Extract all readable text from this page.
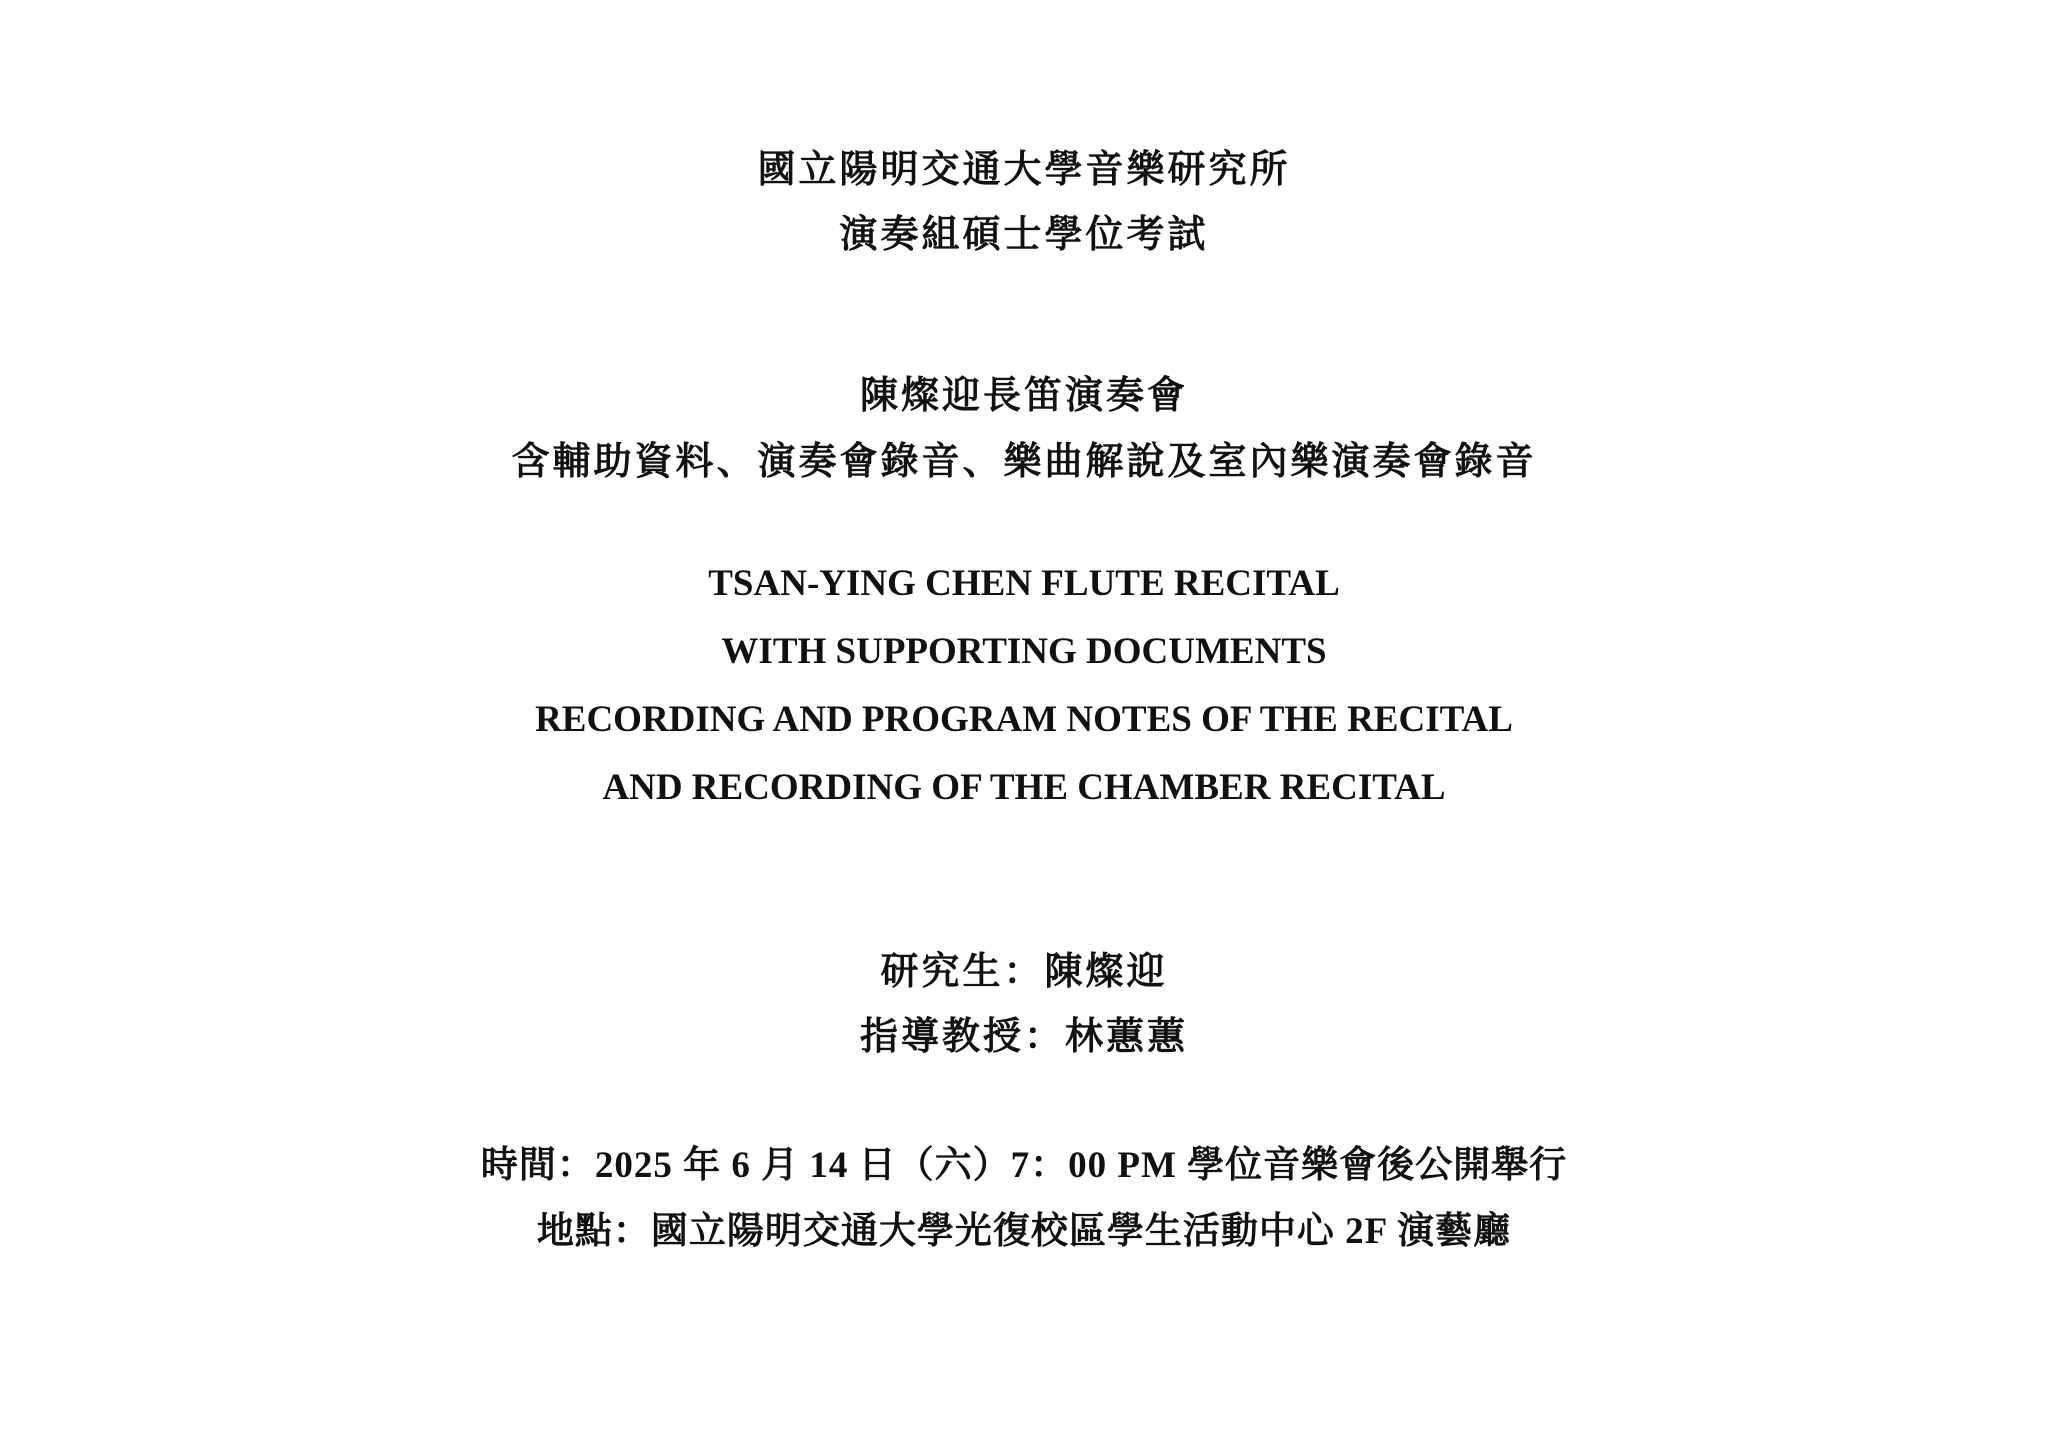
國立陽明交通大學音樂研究所
演奏組碩士學位考試
陳燦迎長笛演奏會
含輔助資料、演奏會錄音、樂曲解說及室內樂演奏會錄音
TSAN-YING CHEN FLUTE RECITAL
WITH SUPPORTING DOCUMENTS
RECORDING AND PROGRAM NOTES OF THE RECITAL
AND RECORDING OF THE CHAMBER RECITAL
研究生：陳燦迎
指導教授：林蕙蕙
時間：2025 年 6 月 14 日（六）7：00 PM 學位音樂會後公開舉行
地點：國立陽明交通大學光復校區學生活動中心 2F 演藝廳
